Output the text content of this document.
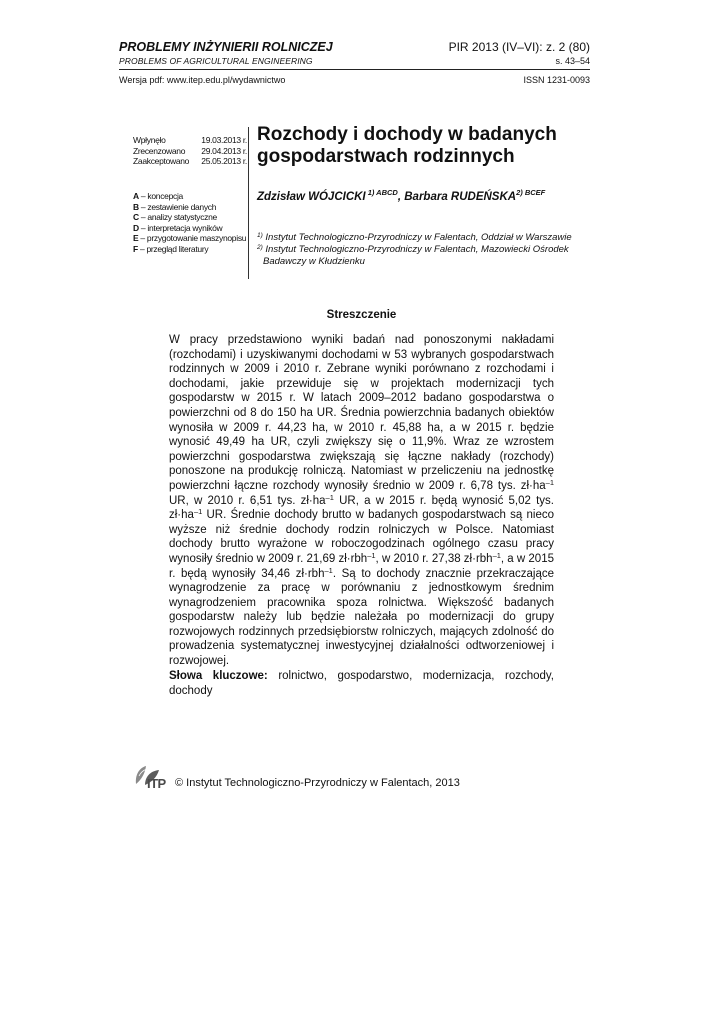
PROBLEMY INŻYNIERII ROLNICZEJ
PROBLEMS OF AGRICULTURAL ENGINEERING
PIR 2013 (IV–VI): z. 2 (80)
s. 43–54
Wersja pdf: www.itep.edu.pl/wydawnictwo	ISSN 1231-0093
Wpłynęło	19.03.2013 r.
Zrecenzowano 29.04.2013 r.
Zaakceptowano 25.05.2013 r.
A – koncepcja
B – zestawienie danych
C – analizy statystyczne
D – interpretacja wyników
E – przygotowanie maszynopisu
F – przegląd literatury
Rozchody i dochody w badanych gospodarstwach rodzinnych
Zdzisław WÓJCICKI $^{1) ABCD}$, Barbara $RUDEŃSKA^{2) BCEF}$
$^{1)}$ Instytut Technologiczno-Przyrodniczy w Falentach, Oddział w Warszawie
$^{2)}$ Instytut Technologiczno-Przyrodniczy w Falentach, Mazowiecki Ośrodek
Badawczy w Kłudzienku
Streszczenie
W pracy przedstawiono wyniki badań nad ponoszonymi nakładami (rozchodami) i uzyskiwanymi dochodami w 53 wybranych gospodarstwach rodzinnych w 2009 i 2010 r. Zebrane wyniki porównano z rozchodami i dochodami, jakie przewiduje się w projektach modernizacji tych gospodarstw w 2015 r. W latach 2009–2012 badano gospodarstwa o powierzchni od 8 do 150 ha UR. Średnia powierzchnia badanych obiektów wynosiła w 2009 r. 44,23 ha, w 2010 r. 45,88 ha, a w 2015 r. będzie wynosić 49,49 ha UR, czyli zwiększy się o 11,9%. Wraz ze wzrostem powierzchni gospodarstwa zwiększają się łączne nakłady (rozchody) ponoszone na produkcję rolniczą. Natomiast w przeliczeniu na jednostkę powierzchni łączne rozchody wynosiły średnio w 2009 r. 6,78 tys. $zł\cdot ha^{-1}$ UR, w 2010 r. 6,51 tys. $zł\cdot ha^{-1}$ UR, a w 2015 r. będą wynosić 5,02 tys. $zł\cdot ha^{-1}$ UR. Średnie dochody brutto w badanych gospodarstwach są nieco wyższe niż średnie dochody rodzin rolniczych w Polsce. Natomiast dochody brutto wyrażone w roboczogodzinach ogólnego czasu pracy wynosiły średnio w 2009 r. 21,69 zł·rbh$^{-1}$, w 2010 r. 27,38 zł·rbh$^{-1}$, a w 2015 r. będą wynosiły 34,46 zł·rbh$^{-1}$. Są to dochody znacznie przekraczające wynagrodzenie za pracę w porównaniu z jednostkowym średnim wynagrodzeniem pracownika spoza rolnictwa. Większość badanych gospodarstw należy lub będzie należała po modernizacji do grupy rozwojowych rodzinnych przedsiębiorstw rolniczych, mających zdolność do prowadzenia systematycznej inwestycyjnej działalności odtworzeniowej i rozwojowej.
Słowa kluczowe: rolnictwo, gospodarstwo, modernizacja, rozchody, dochody
ITP © Instytut Technologiczno-Przyrodniczy w Falentach, 2013
